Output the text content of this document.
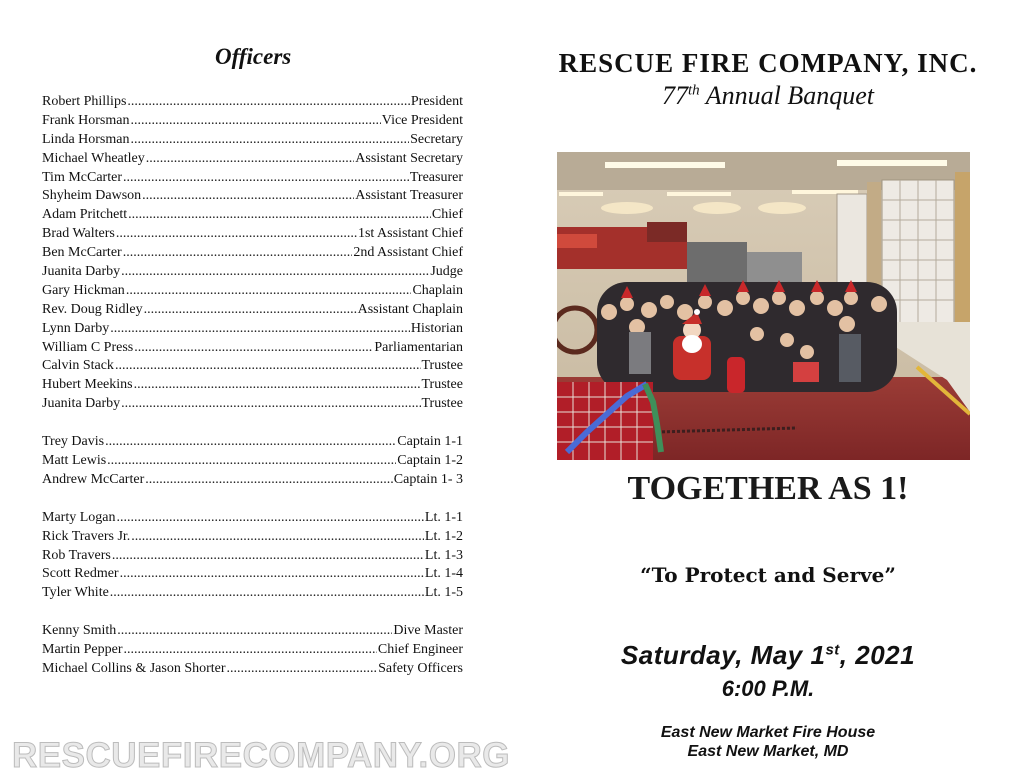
Officers
Robert Phillips .....	President
Frank Horsman .....	Vice President
Linda Horsman .....	Secretary
Michael Wheatley .....	Assistant Secretary
Tim McCarter .....	Treasurer
Shyheim Dawson .....	Assistant Treasurer
Adam Pritchett .....	Chief
Brad Walters .....	1st Assistant Chief
Ben McCarter .....	2nd Assistant Chief
Juanita Darby .....	Judge
Gary Hickman .....	Chaplain
Rev. Doug Ridley .....	Assistant Chaplain
Lynn Darby .....	Historian
William C Press .....	Parliamentarian
Calvin Stack .....	Trustee
Hubert Meekins .....	Trustee
Juanita Darby .....	Trustee
Trey Davis .....	Captain 1-1
Matt Lewis .....	Captain 1-2
Andrew McCarter .....	Captain 1- 3
Marty Logan .....	Lt. 1-1
Rick Travers Jr. .....	Lt. 1-2
Rob Travers .....	Lt. 1-3
Scott Redmer .....	Lt. 1-4
Tyler White .....	Lt. 1-5
Kenny Smith .....	Dive Master
Martin Pepper .....	Chief Engineer
Michael Collins & Jason Shorter .....	Safety Officers
RESCUEFIRECOMPANY.ORG
RESCUE FIRE COMPANY, INC.
77th Annual Banquet
TOGETHER AS 1!
“To Protect and Serve”
Saturday, May 1st, 2021
6:00 P.M.
East New Market Fire House
East New Market, MD
